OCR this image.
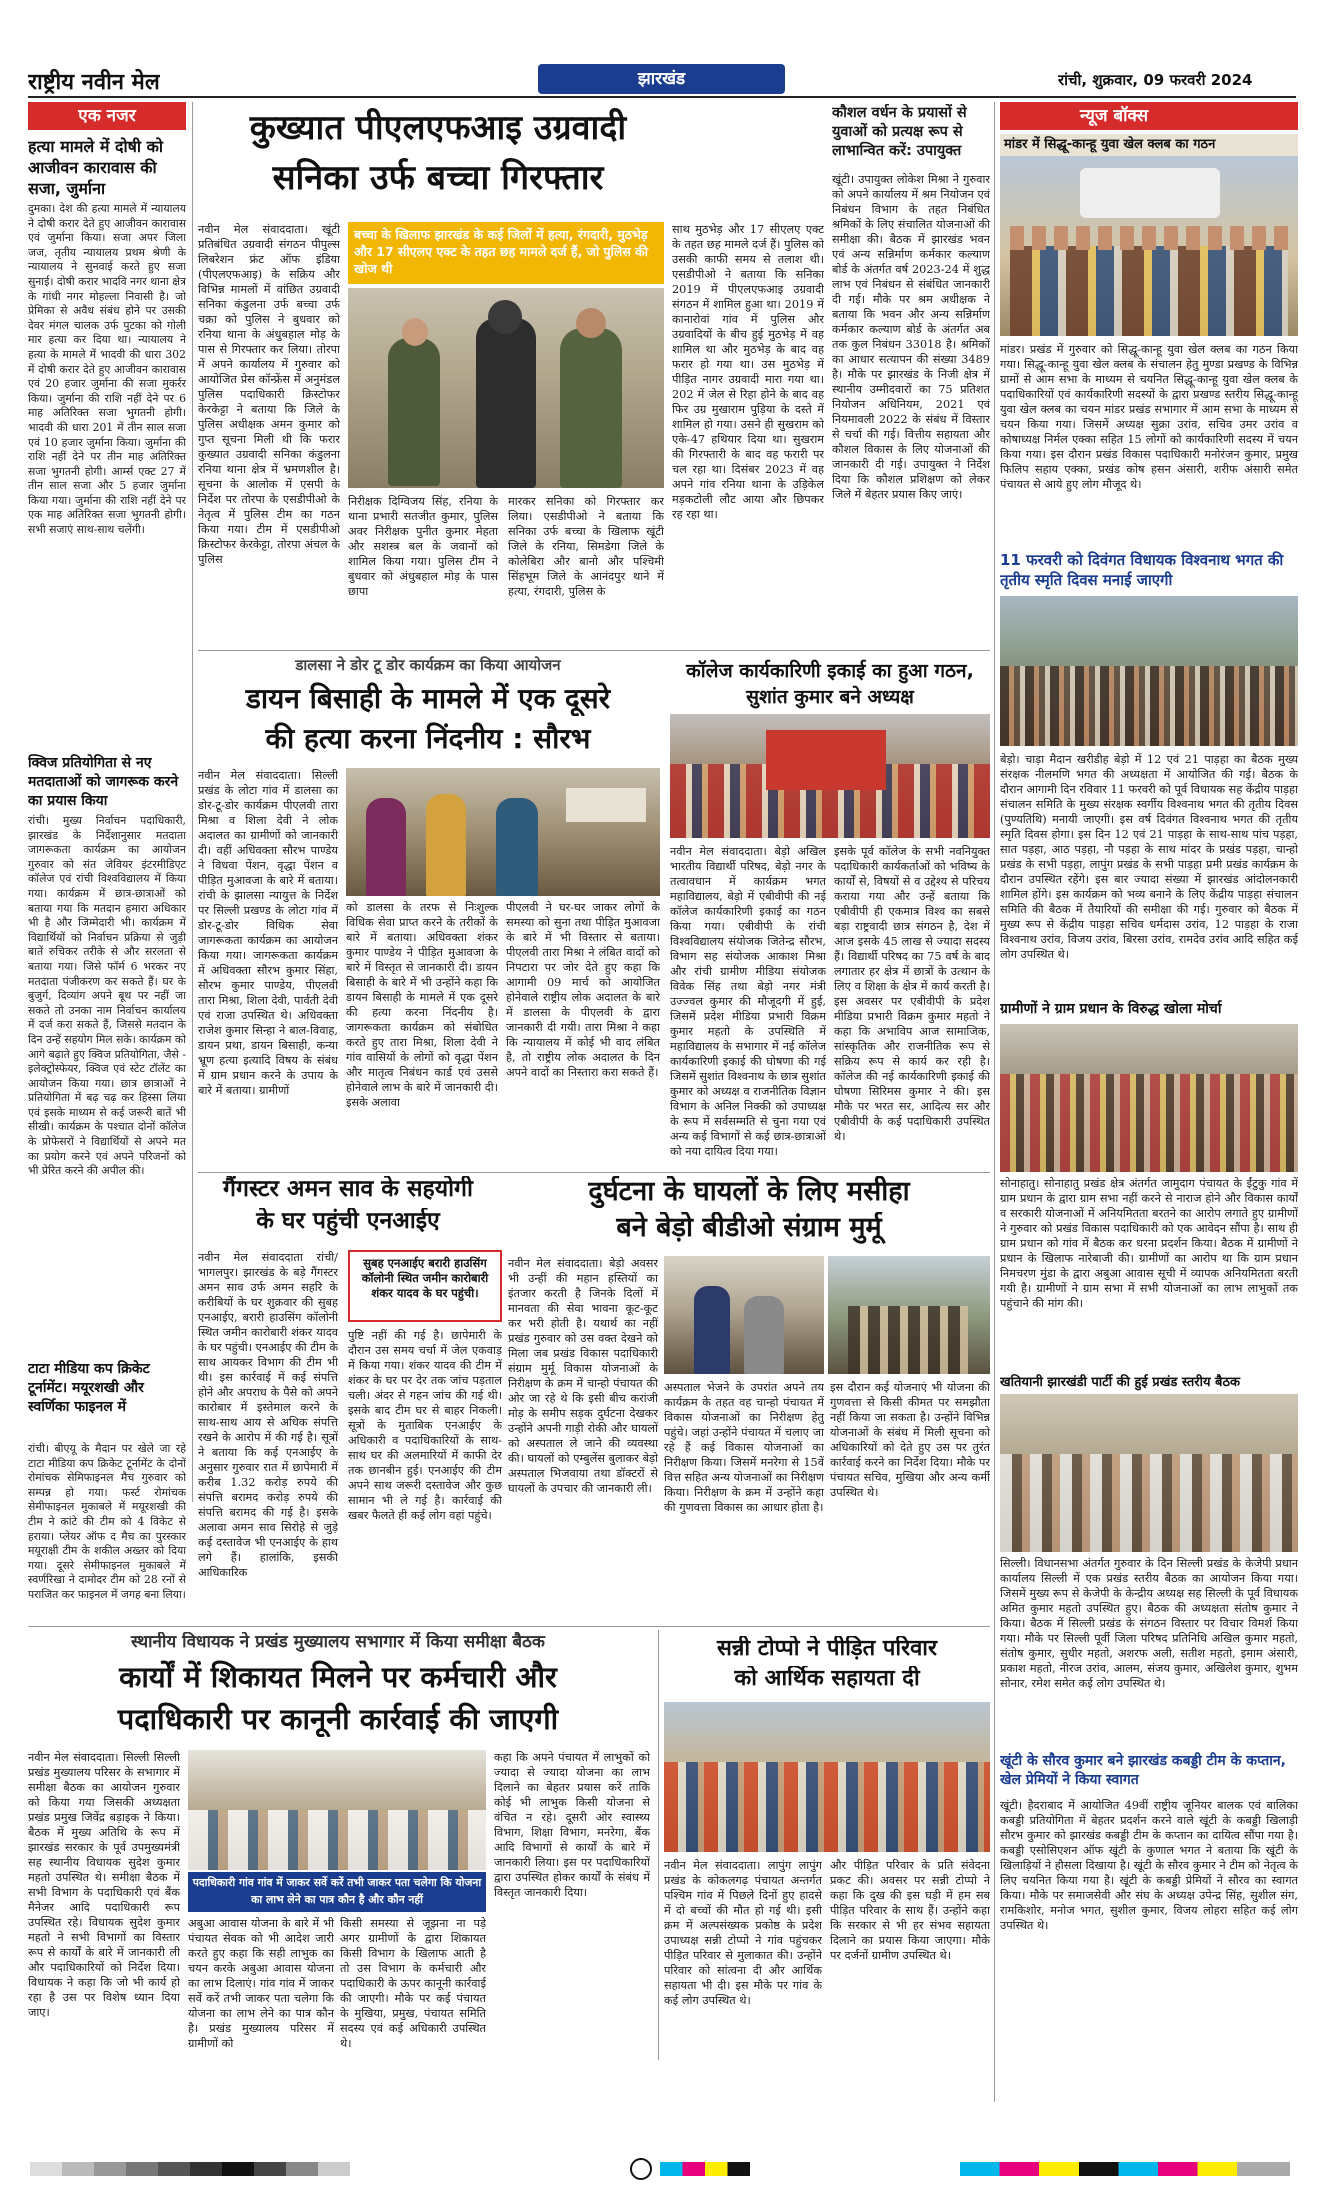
राष्ट्रीय नवीन मेल	झारखंड	रांची, शुक्रवार, 09 फरवरी 2024
एक नजर
हत्या मामले में दोषी को आजीवन कारावास की सजा, जुर्माना
दुमका। देश की हत्या मामले में न्यायालय ने दोषी करार देते हुए आजीवन कारावास एवं जुर्माना किया। सजा अपर जिला जज, तृतीय न्यायालय प्रथम श्रेणी के न्यायालय ने सुनवाई करते हुए सजा सुनाई। दोषी करार भादवि नगर थाना क्षेत्र के गांधी नगर मोहल्ला निवासी है। जो प्रेमिका से अवैध संबंध होने पर उसकी देवर मंगल चालक उर्फ पुटका को गोली मार हत्या कर दिया था। न्यायालय ने हत्या के मामले में भादवी की धारा 302 में दोषी करार देते हुए आजीवन कारावास एवं 20 हजार जुर्माना की सजा मुकर्रर किया। जुर्माना की राशि नहीं देने पर 6 माह अतिरिक्त सजा भुगतनी होगी। भादवी की धारा 201 में तीन साल सजा एवं 10 हजार जुर्माना किया। जुर्माना की राशि नहीं देने पर तीन माह अतिरिक्त सजा भुगतनी होगी। आर्म्स एक्ट 27 में तीन साल सजा और 5 हजार जुर्माना किया गया। जुर्माना की राशि नहीं देने पर एक माह अतिरिक्त सजा भुगतनी होगी। सभी सजाएं साथ-साथ चलेंगी।
क्विज प्रतियोगिता से नए मतदाताओं को जागरूक करने का प्रयास किया
रांची। मुख्य निर्वाचन पदाधिकारी, झारखंड के निर्देशानुसार मतदाता जागरूकता कार्यक्रम का आयोजन गुरुवार को संत जेवियर इंटरमीडिएट कॉलेज एवं रांची विश्वविद्यालय में किया गया। कार्यक्रम में छात्र-छात्राओं को बताया गया कि मतदान हमारा अधिकार भी है और जिम्मेदारी भी। कार्यक्रम में विद्यार्थियों को निर्वाचन प्रक्रिया से जुड़ी बातें रुचिकर तरीके से और सरलता से बताया गया। जिसे फॉर्म 6 भरकर नए मतदाता पंजीकरण कर सकते हैं। घर के बुजुर्ग, दिव्यांग अपने बूथ पर नहीं जा सकते तो उनका नाम निर्वाचन कार्यालय में दर्ज करा सकते हैं, जिससे मतदान के दिन उन्हें सहयोग मिल सके। कार्यक्रम को आगे बढ़ाते हुए क्विज प्रतियोगिता, जैसे - इलेक्ट्रोस्फेयर, क्विज एवं स्टेट टॉलेंट का आयोजन किया गया। छात्र छात्राओं ने प्रतियोगिता में बढ़ चढ़ कर हिस्सा लिया एवं इसके माध्यम से कई जरूरी बातें भी सीखी। कार्यक्रम के पश्चात दोनों कॉलेज के प्रोफेसरों ने विद्यार्थियों से अपने मत का प्रयोग करने एवं अपने परिजनों को भी प्रेरित करने की अपील की।
टाटा मीडिया कप क्रिकेट टूर्नामेंट। मयूरशखी और स्वर्णिका फाइनल में
रांची। बीएयू के मैदान पर खेले जा रहे टाटा मीडिया कप क्रिकेट टूर्नामेंट के दोनों रोमांचक सेमिफाइनल मैच गुरुवार को सम्पन्न हो गया। फर्स्ट रोमांचक सेमीफाइनल मुकाबले में मयूरशखी की टीम ने कांटे की टीम को 4 विकेट से हराया। प्लेयर ऑफ द मैच का पुरस्कार मयूराक्षी टीम के शकील अख्तर को दिया गया। दूसरे सेमीफाइनल मुकाबले में स्वर्णरिखा ने दामोदर टीम को 28 रनों से पराजित कर फाइनल में जगह बना लिया।
कुख्यात पीएलएफआइ उग्रवादी
सनिका उर्फ बच्चा गिरफ्तार
नवीन मेल संवाददाता। खूंटी प्रतिबंधित उग्रवादी संगठन पीपुल्स लिबरेशन फ्रंट ऑफ इंडिया (पीएलएफआइ) के सक्रिय और विभिन्न मामलों में वांछित उग्रवादी सनिका कंडुलना उर्फ बच्चा उर्फ चक्रा को पुलिस ने बुधवार को रनिया थाना के अंधुबहाल मोड़ के पास से गिरफ्तार कर लिया। तोरपा में अपने कार्यालय में गुरुवार को आयोजित प्रेस कॉन्फ्रेंस में अनुमंडल पुलिस पदाधिकारी क्रिस्टोफर केरकेट्टा ने बताया कि जिले के पुलिस अधीक्षक अमन कुमार को गुप्त सूचना मिली थी कि फरार कुख्यात उग्रवादी सनिका कंडुलना रनिया थाना क्षेत्र में भ्रमणशील है। सूचना के आलोक में एसपी के निर्देश पर तोरपा के एसडीपीओ के नेतृत्व में पुलिस टीम का गठन किया गया। टीम में एसडीपीओ क्रिस्टोफर केरकेट्टा, तोरपा अंचल के पुलिस
बच्चा के खिलाफ झारखंड के कई जिलों में हत्या, रंगदारी, मुठभेड़ और 17 सीएलए एक्ट के तहत छह मामले दर्ज हैं, जो पुलिस की खोज थी
निरीक्षक दिग्विजय सिंह, रनिया के थाना प्रभारी सतजीत कुमार, पुलिस अवर निरीक्षक पुनीत कुमार मेहता और सशस्त्र बल के जवानों को शामिल किया गया। पुलिस टीम ने बुधवार को अंधुबहाल मोड़ के पास छापा
मारकर सनिका को गिरफ्तार कर लिया। एसडीपीओ ने बताया कि सनिका उर्फ बच्चा के खिलाफ खूंटी जिले के रनिया, सिमडेगा जिले के कोलेबिरा और बानो और पश्चिमी सिंहभूम जिले के आनंदपुर थाने में हत्या, रंगदारी, पुलिस के
साथ मुठभेड़ और 17 सीएलए एक्ट के तहत छह मामले दर्ज हैं। पुलिस को उसकी काफी समय से तलाश थी। एसडीपीओ ने बताया कि सनिका 2019 में पीएलएफआइ उग्रवादी संगठन में शामिल हुआ था। 2019 में कानारोवां गांव में पुलिस और उग्रवादियों के बीच हुई मुठभेड़ में वह शामिल था और मुठभेड़ के बाद वह फरार हो गया था। उस मुठभेड़ में पीड़ित नागर उग्रवादी मारा गया था। 202 में जेल से रिहा होने के बाद वह फिर उग्र मुखाराम पुड़िया के दस्ते में शामिल हो गया। उसने ही सुखराम को एके-47 हथियार दिया था। सुखराम की गिरफ्तारी के बाद वह फरारी पर चल रहा था। दिसंबर 2023 में वह अपने गांव रनिया थाना के उड़िकेल मड़कटोली लौट आया और छिपकर रह रहा था।
कौशल वर्धन के प्रयासों से युवाओं को प्रत्यक्ष रूप से लाभान्वित करें: उपायुक्त
खूंटी। उपायुक्त लोकेश मिश्रा ने गुरुवार को अपने कार्यालय में श्रम नियोजन एवं निबंधन विभाग के तहत निबंधित श्रमिकों के लिए संचालित योजनाओं की समीक्षा की। बैठक में झारखंड भवन एवं अन्य सन्निर्माण कर्मकार कल्याण बोर्ड के अंतर्गत वर्ष 2023-24 में शुद्ध लाभ एवं निबंधन से संबंधित जानकारी दी गई। मौके पर श्रम अधीक्षक ने बताया कि भवन और अन्य सन्निर्माण कर्मकार कल्याण बोर्ड के अंतर्गत अब तक कुल निबंधन 33018 है। श्रमिकों का आधार सत्यापन की संख्या 3489 है। मौके पर झारखंड के निजी क्षेत्र में स्थानीय उम्मीदवारों का 75 प्रतिशत नियोजन अधिनियम, 2021 एवं नियमावली 2022 के संबंध में विस्तार से चर्चा की गई। वित्तीय सहायता और कौशल विकास के लिए योजनाओं की जानकारी दी गई। उपायुक्त ने निर्देश दिया कि कौशल प्रशिक्षण को लेकर जिले में बेहतर प्रयास किए जाएं।
न्यूज बॉक्स
मांडर में सिद्धू-कान्हू युवा खेल क्लब का गठन
मांडर। प्रखंड में गुरुवार को सिद्धू-कान्हू युवा खेल क्लब का गठन किया गया। सिद्धू-कान्हू युवा खेल क्लब के संचालन हेतु मुण्डा प्रखण्ड के विभिन्न ग्रामों से आम सभा के माध्यम से चयनित सिद्धू-कान्हू युवा खेल क्लब के पदाधिकारियों एवं कार्यकारिणी सदस्यों के द्वारा प्रखण्ड स्तरीय सिद्धू-कान्हू युवा खेल क्लब का चयन मांडर प्रखंड सभागार में आम सभा के माध्यम से चयन किया गया। जिसमें अध्यक्ष सुक्रा उरांव, सचिव उमर उरांव व कोषाध्यक्ष निर्मल एक्का सहित 15 लोगों को कार्यकारिणी सदस्य में चयन किया गया। इस दौरान प्रखंड विकास पदाधिकारी मनोरंजन कुमार, प्रमुख फिलिप सहाय एक्का, प्रखंड कोष हसन अंसारी, शरीफ अंसारी समेत पंचायत से आये हुए लोग मौजूद थे।
11 फरवरी को दिवंगत विधायक विश्वनाथ भगत की तृतीय स्मृति दिवस मनाई जाएगी
बेड़ो। चाड़ा मैदान खरीडीह बेड़ो में 12 एवं 21 पाड़हा का बैठक मुख्य संरक्षक नीलमणि भगत की अध्यक्षता में आयोजित की गई। बैठक के दौरान आगामी दिन रविवार 11 फरवरी को पूर्व विधायक सह केंद्रीय पाड़हा संचालन समिति के मुख्य संरक्षक स्वर्गीय विश्वनाथ भगत की तृतीय दिवस (पुण्यतिथि) मनायी जाएगी। इस वर्ष दिवंगत विश्वनाथ भगत की तृतीय स्मृति दिवस होगा। इस दिन 12 एवं 21 पाड़हा के साथ-साथ पांच पड़हा, सात पड़हा, आठ पड़हा, नौ पड़हा के साथ मांदर के प्रखंड पड़हा, चान्हो प्रखंड के सभी पड़हा, लापुंग प्रखंड के सभी पाड़हा प्रमी प्रखंड कार्यक्रम के दौरान उपस्थित रहेंगे। इस बार ज्यादा संख्या में झारखंड आंदोलनकारी शामिल होंगे। इस कार्यक्रम को भव्य बनाने के लिए केंद्रीय पाड़हा संचालन समिति की बैठक में तैयारियों की समीक्षा की गई। गुरुवार को बैठक में मुख्य रूप से केंद्रीय पाड़हा सचिव धर्मदास उरांव, 12 पाड़हा के राजा विश्वनाथ उरांव, विजय उरांव, बिरसा उरांव, रामदेव उरांव आदि सहित कई लोग उपस्थित थे।
ग्रामीणों ने ग्राम प्रधान के विरुद्ध खोला मोर्चा
सोनाहातु। सोनाहातु प्रखंड क्षेत्र अंतर्गत जामुदाग पंचायत के ईंटुकु गांव में ग्राम प्रधान के द्वारा ग्राम सभा नहीं करने से नाराज होने और विकास कार्यों व सरकारी योजनाओं में अनियमितता बरतने का आरोप लगाते हुए ग्रामीणों ने गुरुवार को प्रखंड विकास पदाधिकारी को एक आवेदन सौंपा है। साथ ही ग्राम प्रधान को गांव में बैठक कर धरना प्रदर्शन किया। बैठक में ग्रामीणों ने प्रधान के खिलाफ नारेबाजी की। ग्रामीणों का आरोप था कि ग्राम प्रधान निमचरण मुंडा के द्वारा अबुआ आवास सूची में व्यापक अनियमितता बरती गयी है। ग्रामीणों ने ग्राम सभा में सभी योजनाओं का लाभ लाभुकों तक पहुंचाने की मांग की।
खतियानी झारखंडी पार्टी की हुई प्रखंड स्तरीय बैठक
सिल्ली। विधानसभा अंतर्गत गुरुवार के दिन सिल्ली प्रखंड के केजेपी प्रधान कार्यालय सिल्ली में एक प्रखंड स्तरीय बैठक का आयोजन किया गया। जिसमें मुख्य रूप से केजेपी के केन्द्रीय अध्यक्ष सह सिल्ली के पूर्व विधायक अमित कुमार महतो उपस्थित हुए। बैठक की अध्यक्षता संतोष कुमार ने किया। बैठक में सिल्ली प्रखंड के संगठन विस्तार पर विचार विमर्श किया गया। मौके पर सिल्ली पूर्वी जिला परिषद प्रतिनिधि अखिल कुमार महतो, संतोष कुमार, सुधीर महतो, अशरफ अली, सतीश महतो, इमाम अंसारी, प्रकाश महतो, नीरज उरांव, आलम, संजय कुमार, अखिलेश कुमार, शुभम सोनार, रमेश समेत कई लोग उपस्थित थे।
खूंटी के सौरव कुमार बने झारखंड कबड्डी टीम के कप्तान, खेल प्रेमियों ने किया स्वागत
खूंटी। हैदराबाद में आयोजित 49वीं राष्ट्रीय जूनियर बालक एवं बालिका कबड्डी प्रतियोगिता में बेहतर प्रदर्शन करने वाले खूंटी के कबड्डी खिलाड़ी सौरभ कुमार को झारखंड कबड्डी टीम के कप्तान का दायित्व सौंपा गया है। कबड्डी एसोसिएशन ऑफ खूंटी के कुणाल भगत ने बताया कि खूंटी के खिलाड़ियों ने हौसला दिखाया है। खूंटी के सौरव कुमार ने टीम को नेतृत्व के लिए चयनित किया गया है। खूंटी के कबड्डी प्रेमियों ने सौरव का स्वागत किया। मौके पर समाजसेवी और संघ के अध्यक्ष उपेन्द्र सिंह, सुशील संग, रामकिशोर, मनोज भगत, सुशील कुमार, विजय लोहरा सहित कई लोग उपस्थित थे।
डालसा ने डोर टू डोर कार्यक्रम का किया आयोजन
डायन बिसाही के मामले में एक दूसरे
की हत्या करना निंदनीय : सौरभ
नवीन मेल संवाददाता। सिल्ली प्रखंड के लोटा गांव में डालसा का डोर-टू-डोर कार्यक्रम पीएलवी तारा मिश्रा व शिला देवी ने लोक अदालत का ग्रामीणों को जानकारी दी। वहीं अधिवक्ता सौरभ पाण्डेय ने विधवा पेंशन, वृद्धा पेंशन व पीड़ित मुआवजा के बारे में बताया। रांची के झालसा न्यायुत्त के निर्देश पर सिल्ली प्रखण्ड के लोटा गांव में डोर-टू-डोर विधिक सेवा जागरूकता कार्यक्रम का आयोजन किया गया। जागरूकता कार्यक्रम में अधिवक्ता सौरभ कुमार सिंहा, सौरभ कुमार पाण्डेय, पीएलवी तारा मिश्रा, शिला देवी, पार्वती देवी एवं राजा उपस्थित थे। अधिवक्ता राजेश कुमार सिन्हा ने बाल-विवाह, डायन प्रथा, डायन बिसाही, कन्या भ्रूण हत्या इत्यादि विषय के संबंध में ग्राम प्रधान करने के उपाय के बारे में बताया। ग्रामीणों
को डालसा के तरफ से निःशुल्क विधिक सेवा प्राप्त करने के तरीकों के बारे में बताया। अधिवक्ता शंकर कुमार पाण्डेय ने पीड़ित मुआवजा के बारे में विस्तृत से जानकारी दी। डायन बिसाही के बारे में भी उन्होंने कहा कि डायन बिसाही के मामले में एक दूसरे की हत्या करना निंदनीय है। जागरूकता कार्यक्रम को संबोधित करते हुए तारा मिश्रा, शिला देवी ने गांव वासियों के लोगों को वृद्धा पेंशन और मातृत्व निबंधन कार्ड एवं उससे होनेवाले लाभ के बारे में जानकारी दी। इसके अलावा
पीएलवी ने घर-घर जाकर लोगों के समस्या को सुना तथा पीड़ित मुआवजा के बारे में भी विस्तार से बताया। पीएलवी तारा मिश्रा ने लंबित वादों को निपटारा पर जोर देते हुए कहा कि आगामी 09 मार्च को आयोजित होनेवाले राष्ट्रीय लोक अदालत के बारे में डालसा के पीएलवी के द्वारा जानकारी दी गयी। तारा मिश्रा ने कहा कि न्यायालय में कोई भी वाद लंबित है, तो राष्ट्रीय लोक अदालत के दिन अपने वादों का निस्तारा करा सकते हैं।
कॉलेज कार्यकारिणी इकाई का हुआ गठन, सुशांत कुमार बने अध्यक्ष
नवीन मेल संवाददाता। बेड़ो अखिल भारतीय विद्यार्थी परिषद, बेड़ो नगर के तत्वावधान में कार्यक्रम भगत महाविद्यालय, बेड़ो में एबीवीपी की नई कॉलेज कार्यकारिणी इकाई का गठन किया गया। एबीवीपी के रांची विश्वविद्यालय संयोजक जितेन्द्र सौरभ, विभाग सह संयोजक आकाश मिश्रा और रांची ग्रामीण मीडिया संयोजक विवेक सिंह तथा बेड़ो नगर मंत्री उज्ज्वल कुमार की मौजूदगी में हुई, जिसमें प्रदेश मीडिया प्रभारी विक्रम कुमार महतो के उपस्थिति में महाविद्यालय के सभागार में नई कॉलेज कार्यकारिणी इकाई की घोषणा की गई जिसमें सुशांत विश्वनाथ के छात्र सुशांत कुमार को अध्यक्ष व राजनीतिक विज्ञान विभाग के अनिल निक्की को उपाध्यक्ष के रूप में सर्वसम्मति से चुना गया एवं अन्य कई विभागों से कई छात्र-छात्राओं को नया दायित्व दिया गया।
इसके पूर्व कॉलेज के सभी नवनियुक्त पदाधिकारी कार्यकर्ताओं को भविष्य के कार्यों से, विषयों से व उद्देश्य से परिचय कराया गया और उन्हें बताया कि एबीवीपी ही एकमात्र विश्व का सबसे बड़ा राष्ट्रवादी छात्र संगठन है, देश में आज इसके 45 लाख से ज्यादा सदस्य हैं। विद्यार्थी परिषद का 75 वर्ष के बाद लगातार हर क्षेत्र में छात्रों के उत्थान के लिए व शिक्षा के क्षेत्र में कार्य करती है। इस अवसर पर एबीवीपी के प्रदेश मीडिया प्रभारी विक्रम कुमार महतो ने कहा कि अभाविप आज सामाजिक, सांस्कृतिक और राजनीतिक रूप से सक्रिय रूप से कार्य कर रही है। कॉलेज की नई कार्यकारिणी इकाई की घोषणा सिरिमस कुमार ने की। इस मौके पर भरत सर, आदित्य सर और एबीवीपी के कई पदाधिकारी उपस्थित थे।
गैंगस्टर अमन साव के सहयोगी
के घर पहुंची एनआईए
नवीन मेल संवाददाता रांची/भागलपुर। झारखंड के बड़े गैंगस्टर अमन साव उर्फ अमन सहरि के करीबियों के घर शुक्रवार की सुबह एनआईए, बरारी हाउसिंग कॉलोनी स्थित जमीन कारोबारी शंकर यादव के घर पहुंची। एनआईए की टीम के साथ आयकर विभाग की टीम भी थी। इस कार्रवाई में कई संपत्ति होने और अपराध के पैसे को अपने कारोबार में इस्तेमाल करने के साथ-साथ आय से अधिक संपत्ति रखने के आरोप में की गई है। सूत्रों ने बताया कि कई एनआईए के अनुसार गुरुवार रात में छापेमारी में करीब 1.32 करोड़ रुपये की संपत्ति बरामद करोड़ रुपये की संपत्ति बरामद की गई है। इसके अलावा अमन साव सिरोहे से जुड़े कई दस्तावेज भी एनआईए के हाथ लगे हैं। हालांकि, इसकी आधिकारिक
सुबह एनआईए बरारी हाउसिंग कॉलोनी स्थित जमीन कारोबारी शंकर यादव के घर पहुंची।
पुष्टि नहीं की गई है। छापेमारी के दौरान उस समय चर्चा में जेल एकवाड़ में किया गया। शंकर यादव की टीम में शंकर के घर पर देर तक जांच पड़ताल चली। अंदर से गहन जांच की गई थी। इसके बाद टीम घर से बाहर निकली। सूत्रों के मुताबिक एनआईए के अधिकारी व पदाधिकारियों के साथ-साथ घर की अलमारियों में काफी देर तक छानबीन हुई। एनआईए की टीम अपने साथ जरूरी दस्तावेज और कुछ सामान भी ले गई है। कार्रवाई की खबर फैलते ही कई लोग वहां पहुंचे।
दुर्घटना के घायलों के लिए मसीहा
बने बेड़ो बीडीओ संग्राम मुर्मू
नवीन मेल संवाददाता। बेड़ो अवसर भी उन्हीं की महान हस्तियों का इंतजार करती है जिनके दिलों में मानवता की सेवा भावना कूट-कूट कर भरी होती है। यथार्थ का नहीं प्रखंड गुरुवार को उस वक्त देखने को मिला जब प्रखंड विकास पदाधिकारी संग्राम मुर्मू विकास योजनाओं के निरीक्षण के क्रम में चान्हो पंचायत की ओर जा रहे थे कि इसी बीच करांजी मोड़ के समीप सड़क दुर्घटना देखकर उन्होंने अपनी गाड़ी रोकी और घायलों को अस्पताल ले जाने की व्यवस्था की। घायलों को एम्बुलेंस बुलाकर बेड़ो अस्पताल भिजवाया तथा डॉक्टरों से घायलों के उपचार की जानकारी ली।
अस्पताल भेजने के उपरांत अपने तय कार्यक्रम के तहत वह चान्हो पंचायत में विकास योजनाओं का निरीक्षण हेतु पहुंचे। जहां उन्होंने पंचायत में चलाए जा रहे हैं कई विकास योजनाओं का निरीक्षण किया। जिसमें मनरेगा से 15वें वित्त सहित अन्य योजनाओं का निरीक्षण किया। निरीक्षण के क्रम में उन्होंने कहा की गुणवत्ता विकास का आधार होता है।
इस दौरान कई योजनाएं भी योजना की गुणवत्ता से किसी कीमत पर समझौता नहीं किया जा सकता है। उन्होंने विभिन्न योजनाओं के संबंध में मिली सूचना को अधिकारियों को देते हुए उस पर तुरंत कार्रवाई करने का निर्देश दिया। मौके पर पंचायत सचिव, मुखिया और अन्य कर्मी उपस्थित थे।
स्थानीय विधायक ने प्रखंड मुख्यालय सभागार में किया समीक्षा बैठक
कार्यों में शिकायत मिलने पर कर्मचारी और
पदाधिकारी पर कानूनी कार्रवाई की जाएगी
नवीन मेल संवाददाता। सिल्ली सिल्ली प्रखंड मुख्यालय परिसर के सभागार में समीक्षा बैठक का आयोजन गुरुवार को किया गया जिसकी अध्यक्षता प्रखंड प्रमुख जिवेंद्र बड़ाइक ने किया। बैठक में मुख्य अतिथि के रूप में झारखंड सरकार के पूर्व उपमुख्यमंत्री सह स्थानीय विधायक सुदेश कुमार महतो उपस्थित थे। समीक्षा बैठक में सभी विभाग के पदाधिकारी एवं बैंक मैनेजर आदि पदाधिकारी रूप उपस्थित रहे। विधायक सुदेश कुमार महतो ने सभी विभागों का विस्तार रूप से कार्यों के बारे में जानकारी ली और पदाधिकारियों को निर्देश दिया। विधायक ने कहा कि जो भी कार्य हो रहा है उस पर विशेष ध्यान दिया जाए।
पदाधिकारी गांव गांव में जाकर सर्वे करें तभी जाकर पता चलेगा कि योजना का लाभ लेने का पात्र कौन है और कौन नहीं
अबुआ आवास योजना के बारे में भी पंचायत सेवक को भी आदेश जारी करते हुए कहा कि सही लाभुक का चयन करके अबुआ आवास योजना का लाभ दिलाएं। गांव गांव में जाकर सर्वे करें तभी जाकर पता चलेगा कि योजना का लाभ लेने का पात्र कौन है। प्रखंड मुख्यालय परिसर में ग्रामीणों को
किसी समस्या से जूझना ना पड़े अगर ग्रामीणों के द्वारा शिकायत किसी विभाग के खिलाफ आती है तो उस विभाग के कर्मचारी और पदाधिकारी के ऊपर कानूनी कार्रवाई की जाएगी। मौके पर कई पंचायत के मुखिया, प्रमुख, पंचायत समिति सदस्य एवं कई अधिकारी उपस्थित थे।
कहा कि अपने पंचायत में लाभुकों को ज्यादा से ज्यादा योजना का लाभ दिलाने का बेहतर प्रयास करें ताकि कोई भी लाभुक किसी योजना से वंचित न रहे। दूसरी ओर स्वास्थ्य विभाग, शिक्षा विभाग, मनरेगा, बैंक आदि विभागों से कार्यों के बारे में जानकारी लिया। इस पर पदाधिकारियों द्वारा उपस्थित होकर कार्यों के संबंध में विस्तृत जानकारी दिया।
सन्नी टोप्पो ने पीड़ित परिवार
को आर्थिक सहायता दी
नवीन मेल संवाददाता। लापुंग लापुंग प्रखंड के कोकलगढ़ पंचायत अन्तर्गत पश्चिम गांव में पिछले दिनों हुए हादसे में दो बच्चों की मौत हो गई थी। इसी क्रम में अल्पसंख्यक प्रकोष्ठ के प्रदेश उपाध्यक्ष सन्नी टोप्पो ने गांव पहुंचकर पीड़ित परिवार से मुलाकात की। उन्होंने परिवार को सांत्वना दी और आर्थिक सहायता भी दी। इस मौके पर गांव के कई लोग उपस्थित थे।
और पीड़ित परिवार के प्रति संवेदना प्रकट की। अवसर पर सन्नी टोप्पो ने कहा कि दुख की इस घड़ी में हम सब पीड़ित परिवार के साथ हैं। उन्होंने कहा कि सरकार से भी हर संभव सहायता दिलाने का प्रयास किया जाएगा। मौके पर दर्जनों ग्रामीण उपस्थित थे।
